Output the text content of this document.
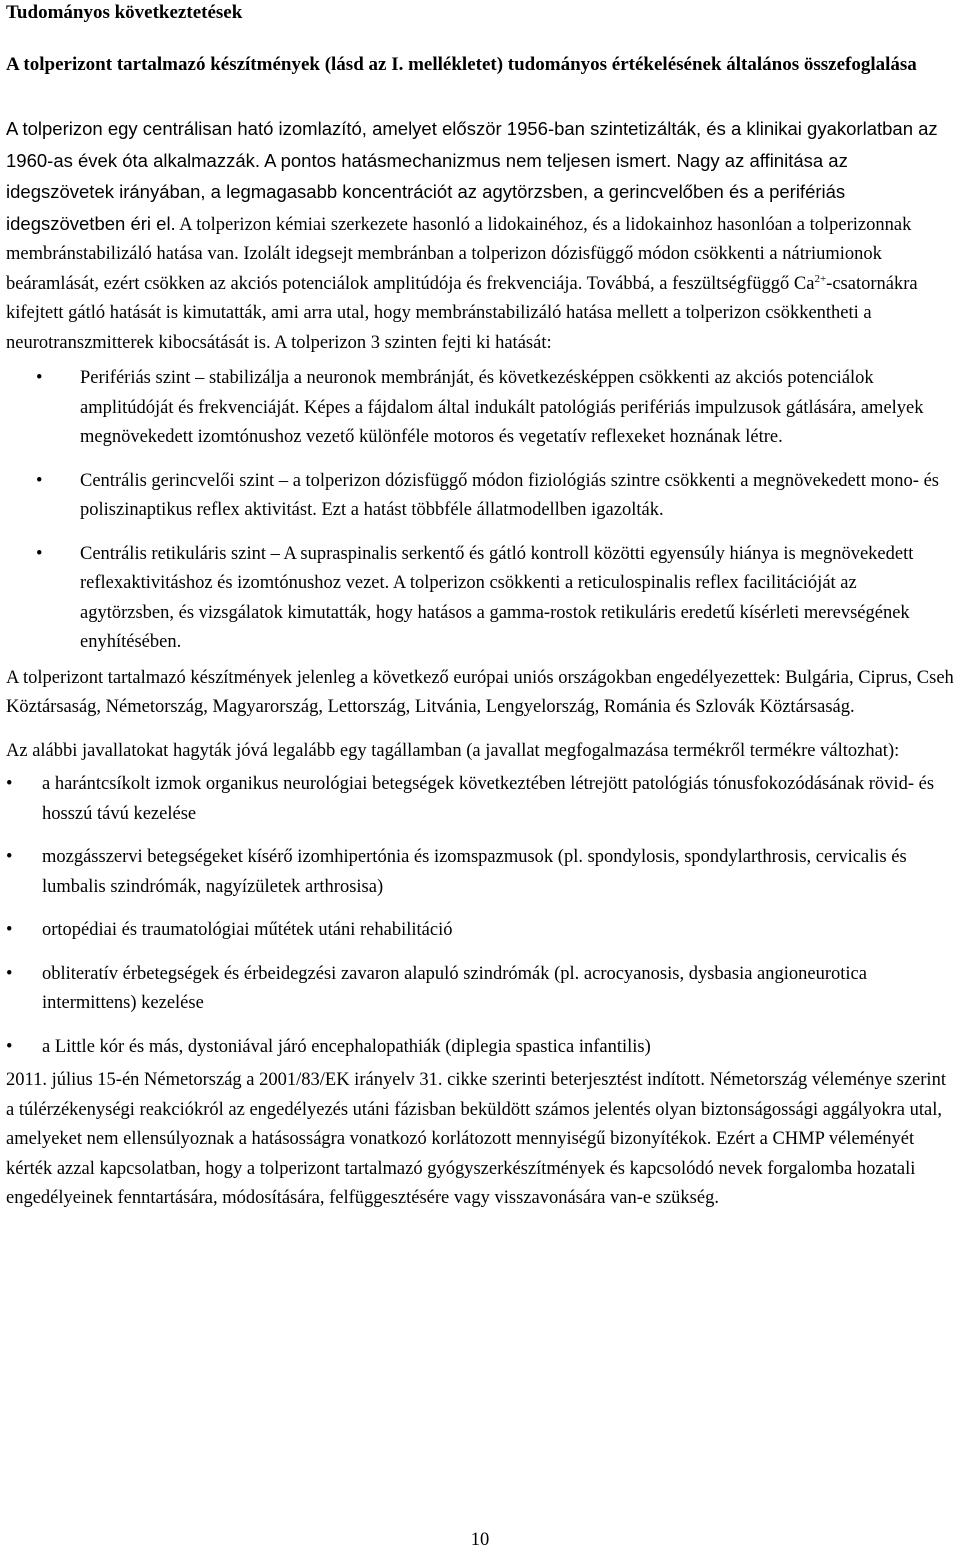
Tudományos következtetések
A tolperizont tartalmazó készítmények (lásd az I. mellékletet) tudományos értékelésének általános összefoglalása

A tolperizon egy centrálisan ható izomlazító, amelyet először 1956-ban szintetizálták, és a klinikai gyakorlatban az 1960-as évek óta alkalmazzák. A pontos hatásmechanizmus nem teljesen ismert. Nagy az affinitása az idegszövetek irányában, a legmagasabb koncentrációt az agytörzsben, a gerincvelőben és a perifériás idegszövetben éri el. A tolperizon kémiai szerkezete hasonló a lidokainéhoz, és a lidokainhoz hasonlóan a tolperizonnak membránstabilizáló hatása van. Izolált idegsejt membránban a tolperizon dózisfüggő módon csökkenti a nátriumionok beáramlását, ezért csökken az akciós potenciálok amplitúdója és frekvenciája. Továbbá, a feszültségfüggő $Ca^{2+}$-csatornákra kifejtett gátló hatását is kimutatták, ami arra utal, hogy membránstabilizáló hatása mellett a tolperizon csökkentheti a neurotranszmitterek kibocsátását is. A tolperizon 3 szinten fejti ki hatását:

• Perifériás szint – stabilizálja a neuronok membránját, és következésképpen csökkenti az akciós potenciálok amplitúdóját és frekvenciáját. Képes a fájdalom által indukált patológiás perifériás impulzusok gátlására, amelyek megnövekedett izomtónushoz vezető különféle motoros és vegetatív reflexeket hoznának létre.
• Centrális gerincvelői szint – a tolperizon dózisfüggő módon fiziológiás szintre csökkenti a megnövekedett mono- és poliszinaptikus reflex aktivitást. Ezt a hatást többféle állatmodellben igazolták.
• Centrális retikuláris szint – A supraspinalis serkentő és gátló kontroll közötti egyensúly hiánya is megnövekedett reflexaktivitáshoz és izomtónushoz vezet. A tolperizon csökkenti a reticulospinalis reflex facilitációját az agytörzsben, és vizsgálatok kimutatták, hogy hatásos a gamma-rostok retikuláris eredetű kísérleti merevségének enyhítésében.

A tolperizont tartalmazó készítmények jelenleg a következő európai uniós országokban engedélyezettek: Bulgária, Ciprus, Cseh Köztársaság, Németország, Magyarország, Lettország, Litvánia, Lengyelország, Románia és Szlovák Köztársaság.

Az alábbi javallatokat hagyták jóvá legalább egy tagállamban (a javallat megfogalmazása termékről termékre változhat):

• a harántcsíkolt izmok organikus neurológiai betegségek következtében létrejött patológiás tónusfokozódásának rövid- és hosszú távú kezelése
• mozgásszervi betegségeket kísérő izomhipertónia és izomspazmusok (pl. spondylosis, spondylarthrosis, cervicalis és lumbalis szindrómák, nagyízületek arthrosisa)
• ortopédiai és traumatológiai műtétek utáni rehabilitáció
• obliteratív érbetegségek és érbeidegzési zavaron alapuló szindrómák (pl. acrocyanosis, dysbasia angioneurotica intermittens) kezelése
• a Little kór és más, dystoniával járó encephalopathiák (diplegia spastica infantilis)

2011. július 15-én Németország a 2001/83/EK irányelv 31. cikke szerinti beterjesztést indított. Németország véleménye szerint a túlérzékenységi reakciókról az engedélyezés utáni fázisban beküldött számos jelentés olyan biztonságossági aggályokra utal, amelyeket nem ellensúlyoznak a hatásosságra vonatkozó korlátozott mennyiségű bizonyítékok. Ezért a CHMP véleményét kérték azzal kapcsolatban, hogy a tolperizont tartalmazó gyógyszerkészítmények és kapcsolódó nevek forgalomba hozatali engedélyeinek fenntartására, módosítására, felfüggesztésére vagy visszavonására van-e szükség.

10
